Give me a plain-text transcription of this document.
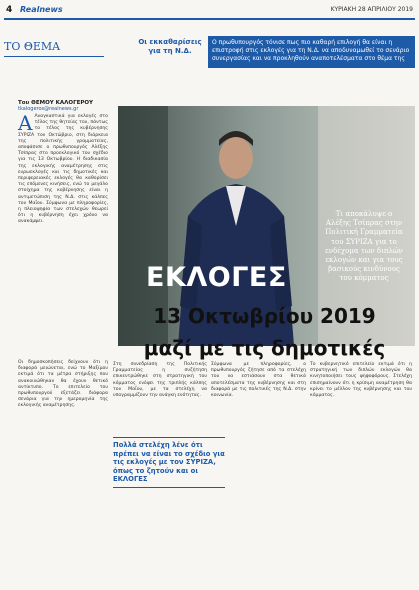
4 Realnews	ΚΥΡΙΑΚΗ 28 ΑΠΡΙΛΙΟΥ 2019
ΤΟ ΘΕΜΑ	Οι εκκαθαρίσεις για τη Ν.Δ.
Ο πρωθυπουργός τόνισε πως πιο καθαρή επιλογή θα είναι η επιστροφή στις εκλογές για τη Ν.Δ. να αποδυναμωθεί το σενάριο συνεργασίας και να προκληθούν αναποτελέσματα στο θέμα της
Του ΘΕΜΟΥ ΚΑΛΟΓΕΡΟΥ
tkalogeros@realnews.gr
Α Αναγκαστικά για εκλογές στο τέλος της θητείας του, πάντως το τέλος της κυβέρνησης ΣΥΡΙΖΑ τον Οκτώβριο, στη διάρκεια της πολιτικής γραμματείας, αποφάσισε ο πρωθυπουργός Αλέξης Τσίπρας στο προεκλογικό του σχέδιο για τις 13 Οκτωβρίου. Η διαδικασία της εκλογικής αναμέτρησης στις ευρωεκλογές και τις δημοτικές και περιφερειακές εκλογές θα καθορίσει τις επόμενες κινήσεις, ενώ το μεγάλο στοίχημα της κυβέρνησης είναι η αντιμετώπιση της Ν.Δ. στις κάλπες του Μαΐου. Σύμφωνα με πληροφορίες, η πλειοψηφία των στελεχών θεωρεί ότι η κυβέρνηση έχει χρόνο να ανακάμψει.
Τι αποκάλυψε ο Αλέξης Τσίπρας στην Πολιτική Γραμματεία του ΣΥΡΙΖΑ για το ενδέχομα των διπλών εκλογών και για τους βασικούς κινδύνους του κόμματος
ΕΚΛΟΓΕΣ
13 Οκτωβρίου 2019
μαζί με τις δημοτικές
Οι δημοσκοπήσεις δείχνουν ότι η διαφορά μειώνεται, ενώ το Μαξίμου εκτιμά ότι τα μέτρα στήριξης που ανακοινώθηκαν θα έχουν θετικό αντίκτυπο. Το επιτελείο του πρωθυπουργού εξετάζει διάφορα σενάρια για την ημερομηνία της εκλογικής αναμέτρησης.
Στη συνεδρίαση της Πολιτικής Γραμματείας η συζήτηση επικεντρώθηκε στη στρατηγική του κόμματος ενόψει της τριπλής κάλπης του Μαΐου, με τα στελέχη να υπογραμμίζουν την ανάγκη ενότητας.
Σύμφωνα με πληροφορίες, ο πρωθυπουργός ζήτησε από τα στελέχη του να εστιάσουν στα θετικά αποτελέσματα της κυβέρνησης και στη διαφορά με τις πολιτικές της Ν.Δ. στην κοινωνία.
Το κυβερνητικό επιτελείο εκτιμά ότι η στρατηγική των διπλών εκλογών θα κινητοποιήσει τους ψηφοφόρους. Στελέχη επισημαίνουν ότι η κρίσιμη αναμέτρηση θα κρίνει το μέλλον της κυβέρνησης και του κόμματος.
Πολλά στελέχη λένε ότι πρέπει να είναι το σχέδιο για τις εκλογές με τον ΣΥΡΙΖΑ, όπως το ζητούν και οι ΕΚΛΟΓΕΣ
